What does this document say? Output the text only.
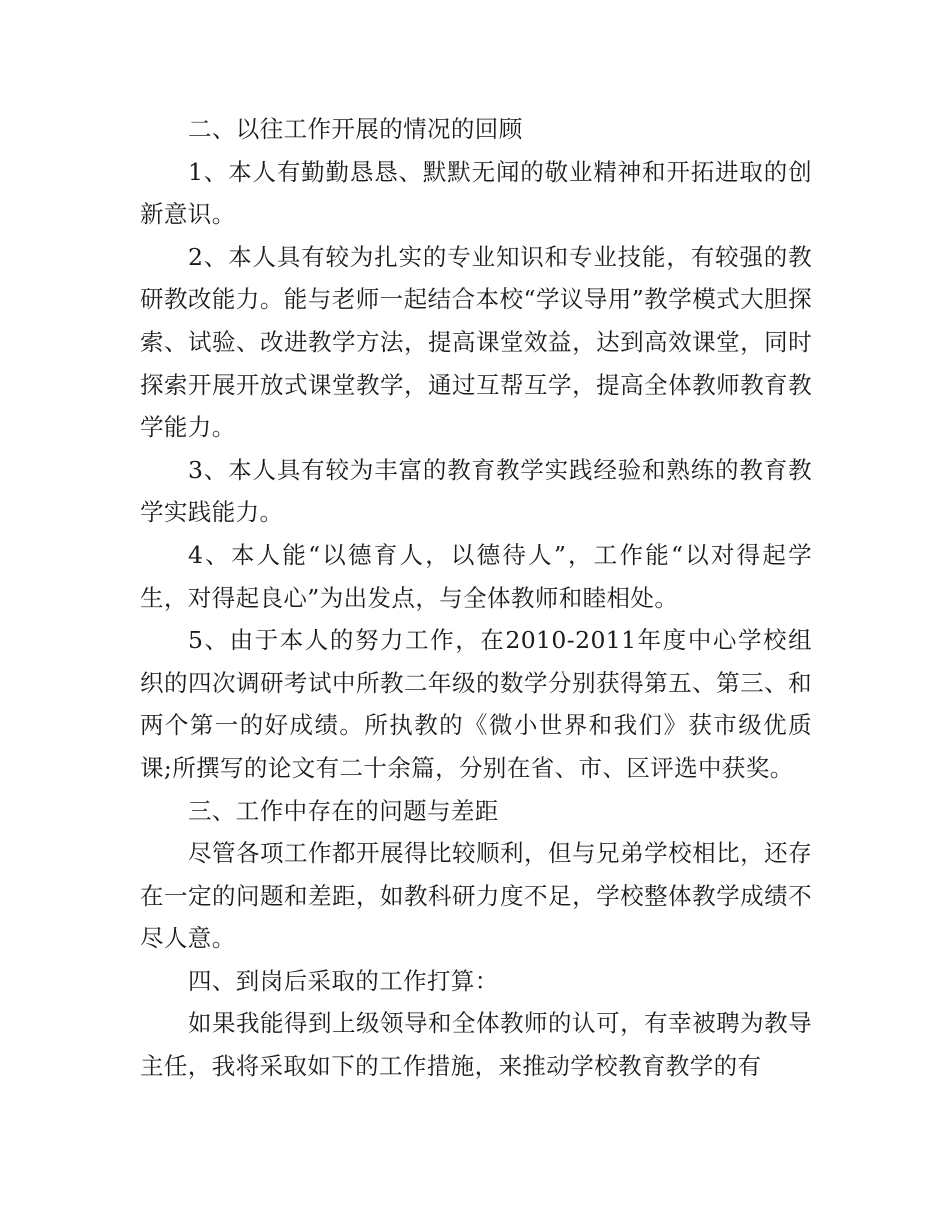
二、以往工作开展的情况的回顾

1、本人有勤勤恳恳、默默无闻的敬业精神和开拓进取的创新意识。

2、本人具有较为扎实的专业知识和专业技能，有较强的教研教改能力。能与老师一起结合本校“学议导用”教学模式大胆探索、试验、改进教学方法，提高课堂效益，达到高效课堂，同时探索开展开放式课堂教学，通过互帮互学，提高全体教师教育教学能力。

3、本人具有较为丰富的教育教学实践经验和熟练的教育教学实践能力。

4、本人能“以德育人，以德待人”，工作能“以对得起学生，对得起良心”为出发点，与全体教师和睦相处。

5、由于本人的努力工作，在2010-2011年度中心学校组织的四次调研考试中所教二年级的数学分别获得第五、第三、和两个第一的好成绩。所执教的《微小世界和我们》获市级优质课;所撰写的论文有二十余篇，分别在省、市、区评选中获奖。

三、工作中存在的问题与差距

尽管各项工作都开展得比较顺利，但与兄弟学校相比，还存在一定的问题和差距，如教科研力度不足，学校整体教学成绩不尽人意。

四、到岗后采取的工作打算：

如果我能得到上级领导和全体教师的认可，有幸被聘为教导主任，我将采取如下的工作措施，来推动学校教育教学的有
